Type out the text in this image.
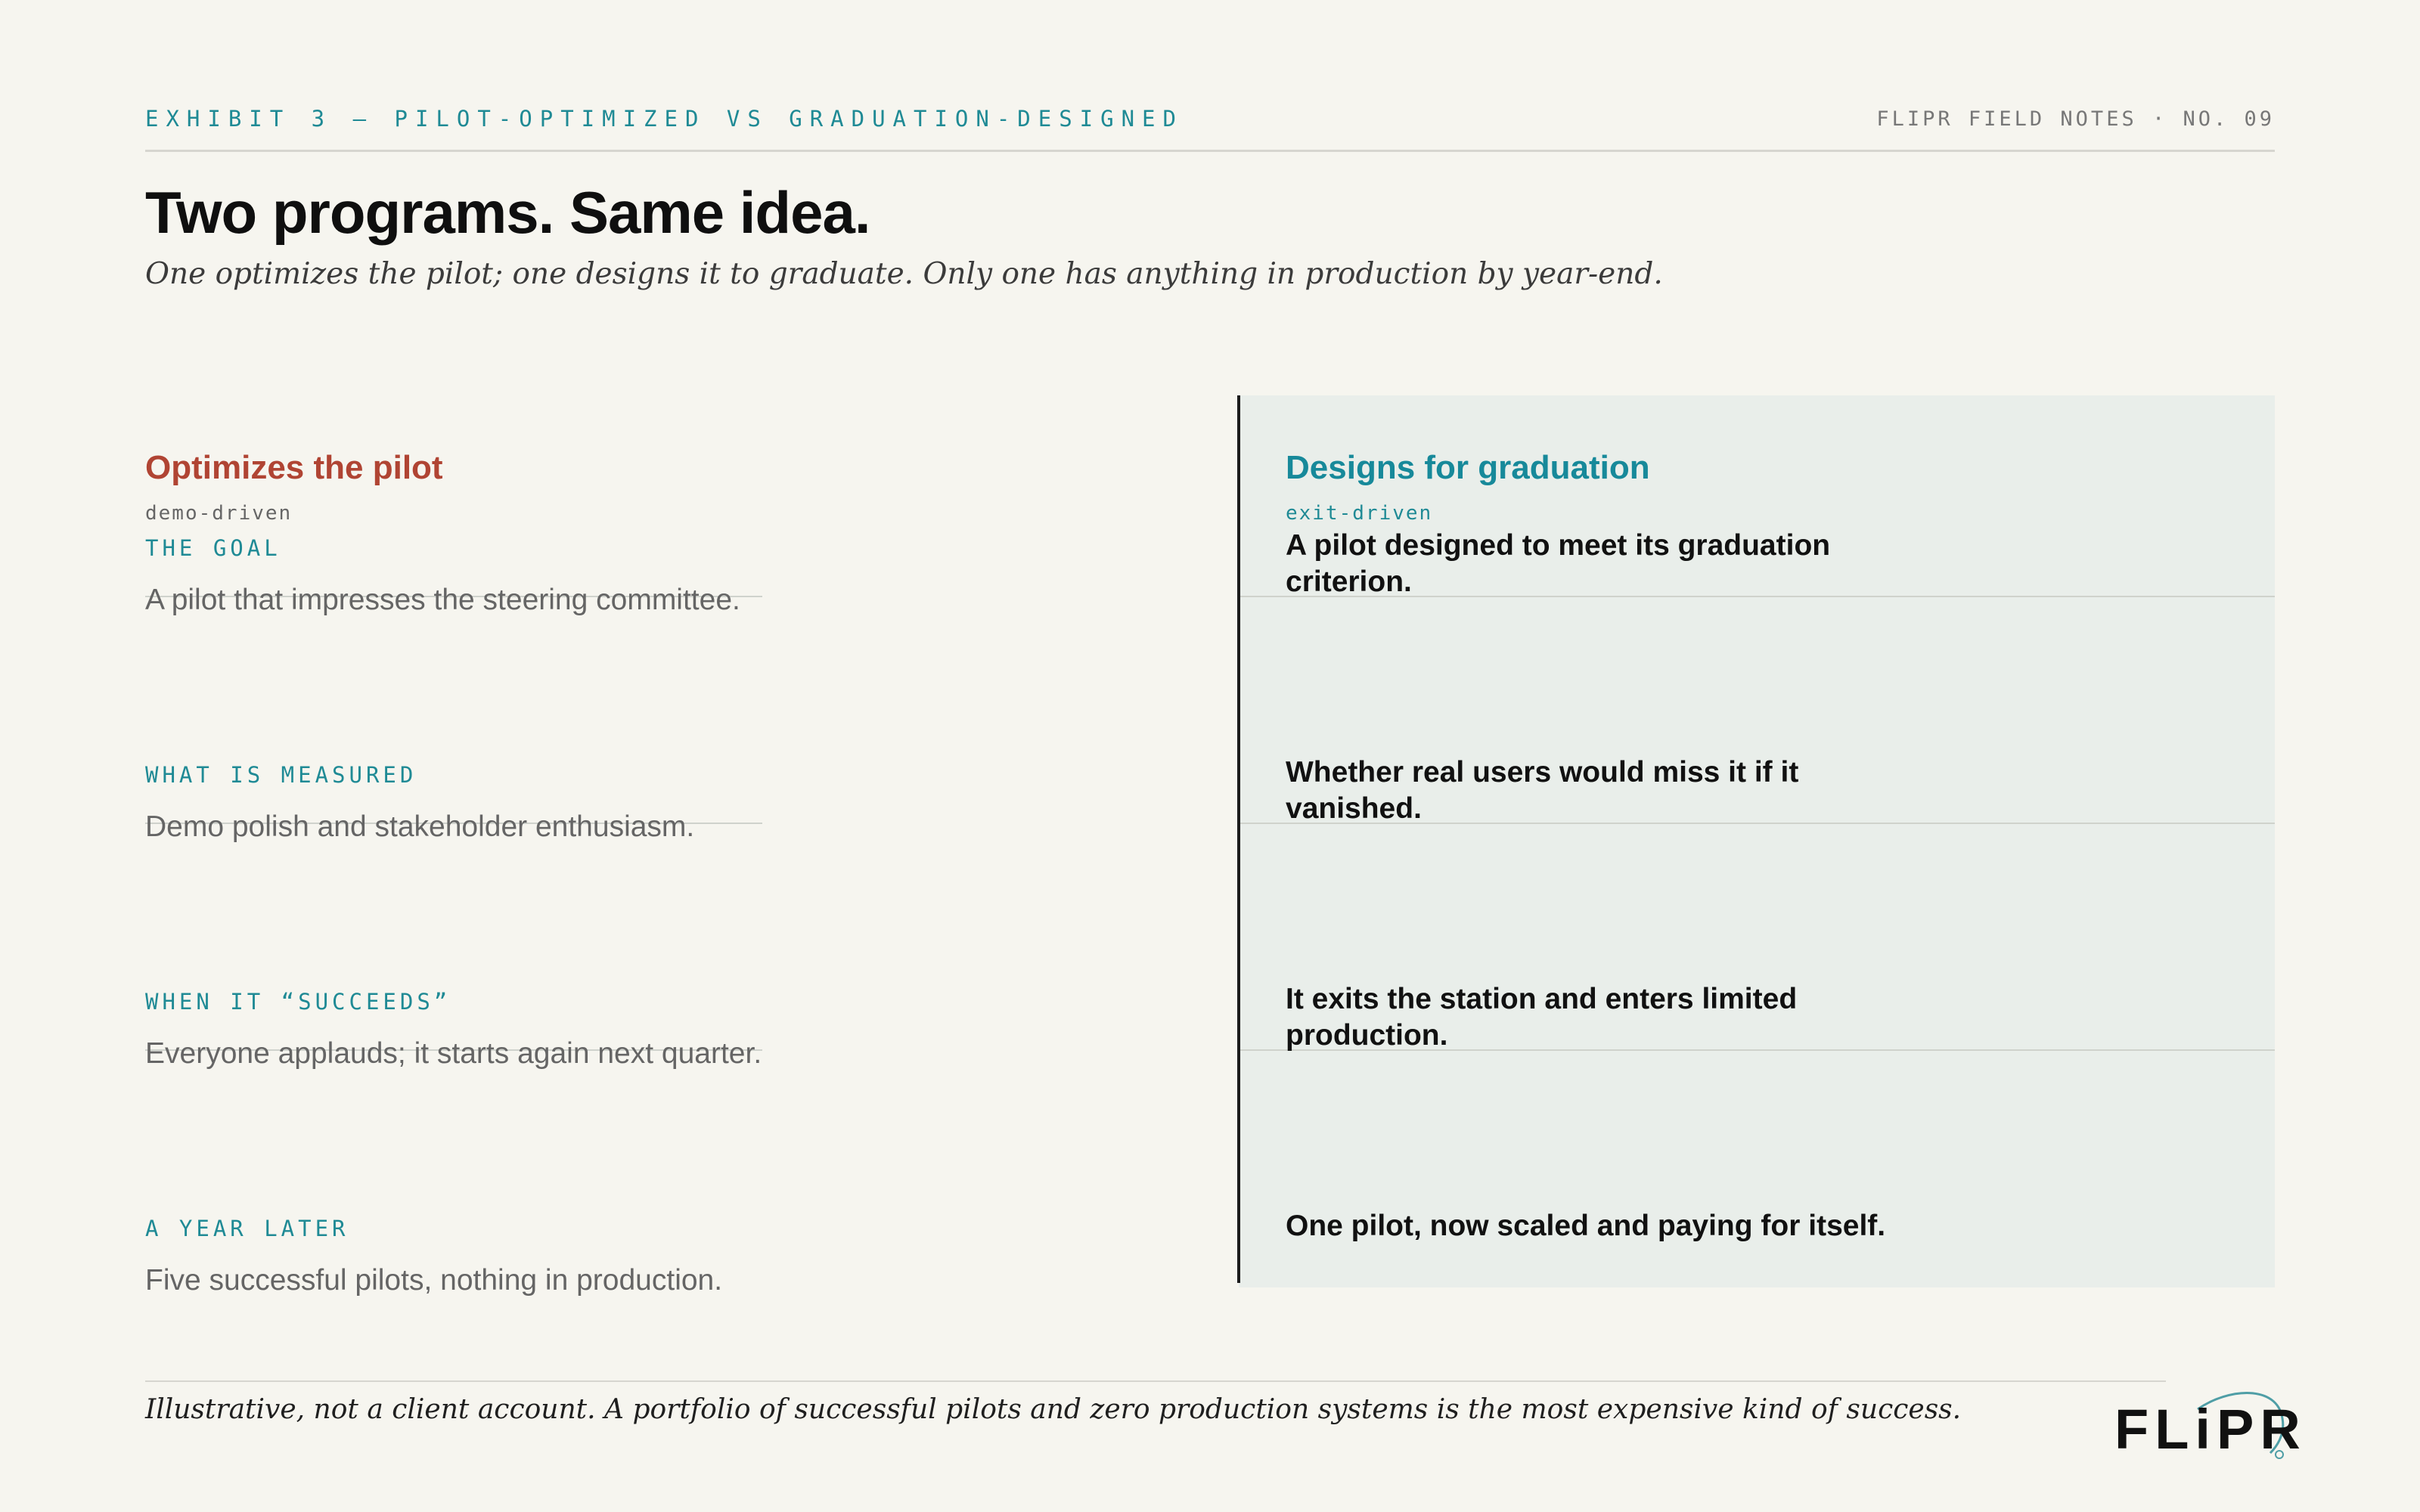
EXHIBIT 3 — PILOT-OPTIMIZED VS GRADUATION-DESIGNED	FLIPR FIELD NOTES · NO. 09
Two programs. Same idea.

One optimizes the pilot; one designs it to graduate. Only one has anything in production by year-end.

Optimizes the pilot
demo-driven
Designs for graduation
exit-driven
THE GOAL
A pilot that impresses the steering committee.
A pilot designed to meet its graduation criterion.
WHAT IS MEASURED
Demo polish and stakeholder enthusiasm.
Whether real users would miss it if it vanished.
WHEN IT “SUCCEEDS”
Everyone applauds; it starts again next quarter.
It exits the station and enters limited production.
A YEAR LATER
Five successful pilots, nothing in production.
One pilot, now scaled and paying for itself.
Illustrative, not a client account. A portfolio of successful pilots and zero production systems is the most expensive kind of success.	FLiPR
